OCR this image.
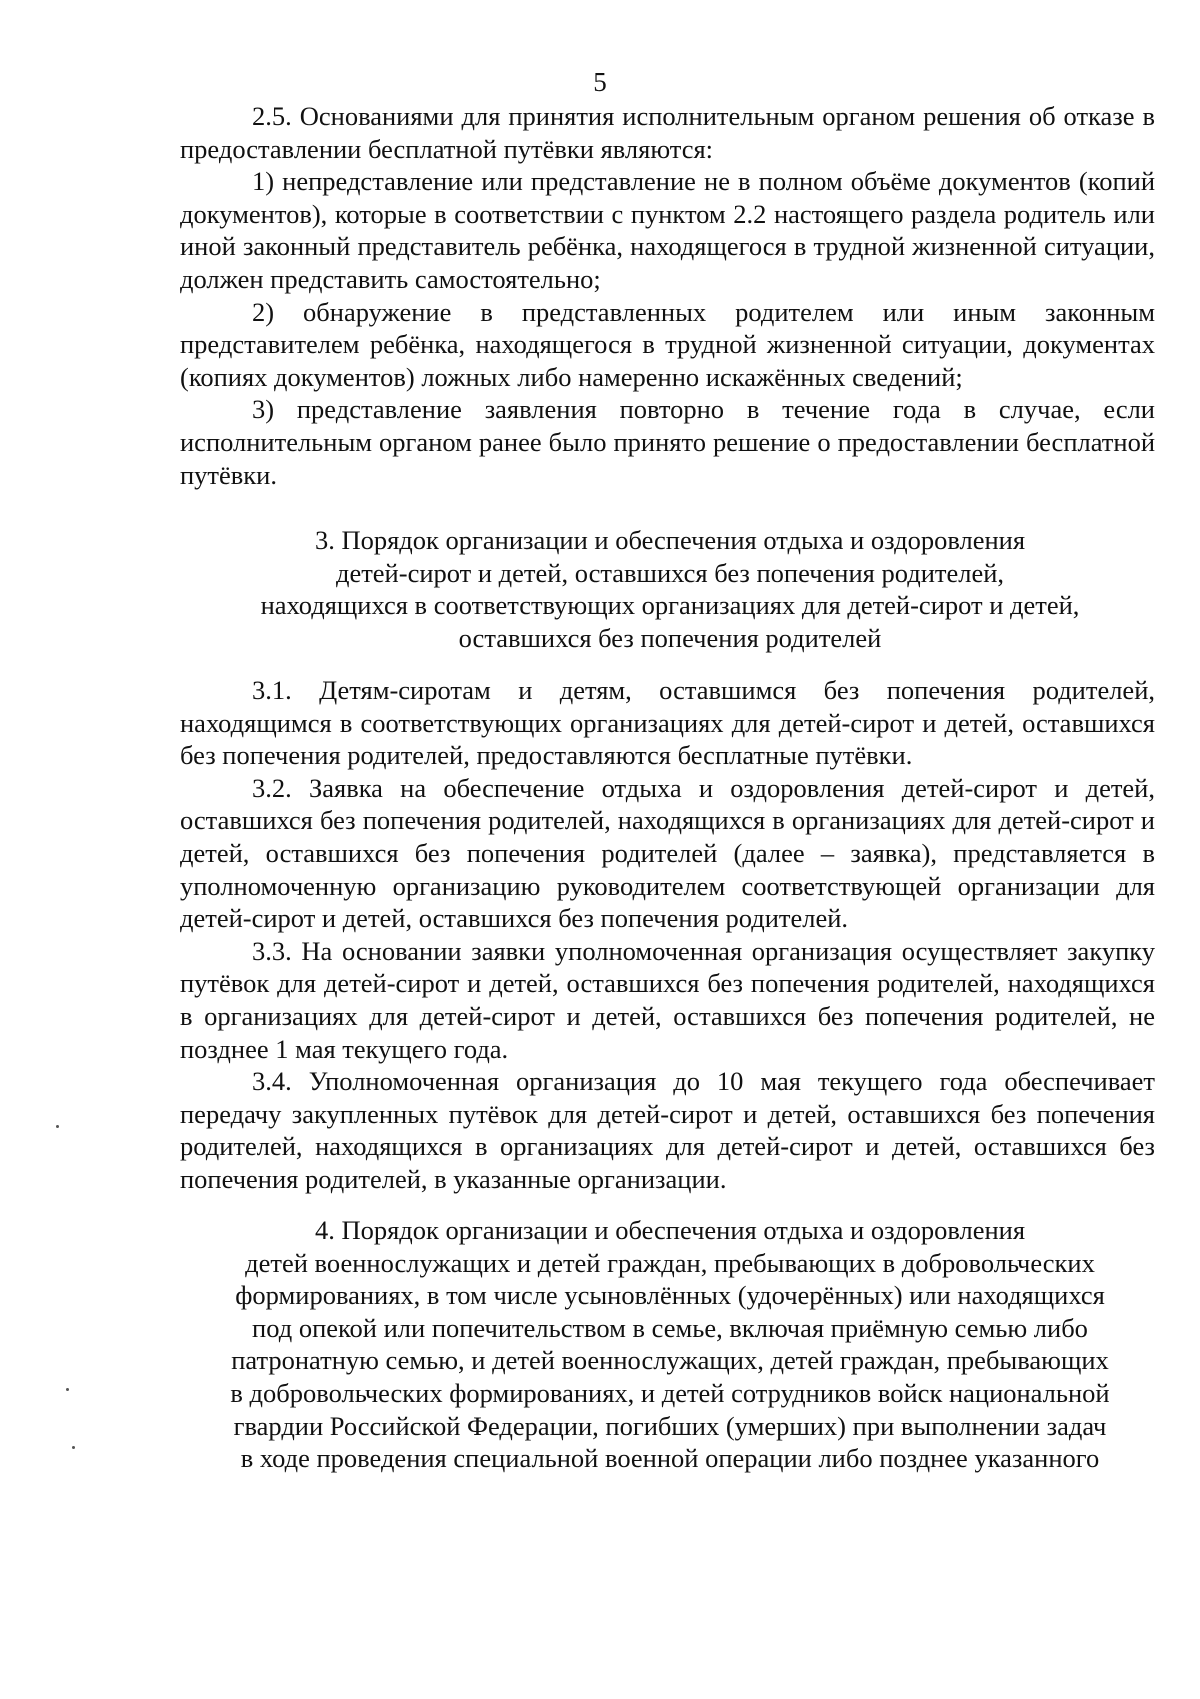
5

2.5. Основаниями для принятия исполнительным органом решения об отказе в предоставлении бесплатной путёвки являются:

1) непредставление или представление не в полном объёме документов (копий документов), которые в соответствии с пунктом 2.2 настоящего раздела родитель или иной законный представитель ребёнка, находящегося в трудной жизненной ситуации, должен представить самостоятельно;

2) обнаружение в представленных родителем или иным законным представителем ребёнка, находящегося в трудной жизненной ситуации, документах (копиях документов) ложных либо намеренно искажённых сведений;

3) представление заявления повторно в течение года в случае, если исполнительным органом ранее было принято решение о предоставлении бесплатной путёвки.

3. Порядок организации и обеспечения отдыха и оздоровления
детей-сирот и детей, оставшихся без попечения родителей,
находящихся в соответствующих организациях для детей-сирот и детей,
оставшихся без попечения родителей

3.1. Детям-сиротам и детям, оставшимся без попечения родителей, находящимся в соответствующих организациях для детей-сирот и детей, оставшихся без попечения родителей, предоставляются бесплатные путёвки.

3.2. Заявка на обеспечение отдыха и оздоровления детей-сирот и детей, оставшихся без попечения родителей, находящихся в организациях для детей-сирот и детей, оставшихся без попечения родителей (далее – заявка), представляется в уполномоченную организацию руководителем соответствующей организации для детей-сирот и детей, оставшихся без попечения родителей.

3.3. На основании заявки уполномоченная организация осуществляет закупку путёвок для детей-сирот и детей, оставшихся без попечения родителей, находящихся в организациях для детей-сирот и детей, оставшихся без попечения родителей, не позднее 1 мая текущего года.

3.4. Уполномоченная организация до 10 мая текущего года обеспечивает передачу закупленных путёвок для детей-сирот и детей, оставшихся без попечения родителей, находящихся в организациях для детей-сирот и детей, оставшихся без попечения родителей, в указанные организации.

4. Порядок организации и обеспечения отдыха и оздоровления
детей военнослужащих и детей граждан, пребывающих в добровольческих
формированиях, в том числе усыновлённых (удочерённых) или находящихся
под опекой или попечительством в семье, включая приёмную семью либо
патронатную семью, и детей военнослужащих, детей граждан, пребывающих
в добровольческих формированиях, и детей сотрудников войск национальной
гвардии Российской Федерации, погибших (умерших) при выполнении задач
в ходе проведения специальной военной операции либо позднее указанного
